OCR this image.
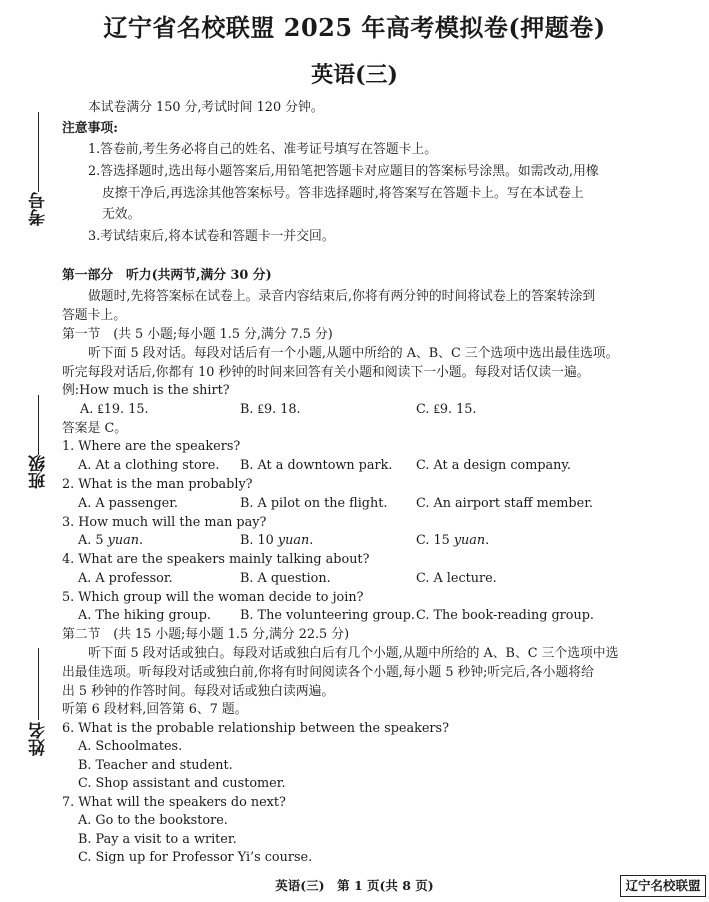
辽宁省名校联盟 2025 年高考模拟卷(押题卷)
英语(三)
考号
班级
姓名
本试卷满分 150 分,考试时间 120 分钟。
注意事项:
1.答卷前,考生务必将自己的姓名、准考证号填写在答题卡上。
2.答选择题时,选出每小题答案后,用铅笔把答题卡对应题目的答案标号涂黑。如需改动,用橡
皮擦干净后,再选涂其他答案标号。答非选择题时,将答案写在答题卡上。写在本试卷上
无效。
3.考试结束后,将本试卷和答题卡一并交回。
第一部分　听力(共两节,满分 30 分)
做题时,先将答案标在试卷上。录音内容结束后,你将有两分钟的时间将试卷上的答案转涂到
答题卡上。
第一节　(共 5 小题;每小题 1.5 分,满分 7.5 分)
听下面 5 段对话。每段对话后有一个小题,从题中所给的 A、B、C 三个选项中选出最佳选项。
听完每段对话后,你都有 10 秒钟的时间来回答有关小题和阅读下一小题。每段对话仅读一遍。
例:How much is the shirt?
A. ₤19. 15.	B. ₤9. 18.	C. ₤9. 15.
答案是 C。
1. Where are the speakers?
A. At a clothing store. B. At a downtown park. C. At a design company.
2. What is the man probably?
A. A passenger.	B. A pilot on the flight. C. An airport staff member.
3. How much will the man pay?
A. 5 yuan.	B. 10 yuan.	C. 15 yuan.
4. What are the speakers mainly talking about?
A. A professor.	B. A question.	C. A lecture.
5. Which group will the woman decide to join?
A. The hiking group. B. The volunteering group. C. The book-reading group.
第二节　(共 15 小题;每小题 1.5 分,满分 22.5 分)
听下面 5 段对话或独白。每段对话或独白后有几个小题,从题中所给的 A、B、C 三个选项中选
出最佳选项。听每段对话或独白前,你将有时间阅读各个小题,每小题 5 秒钟;听完后,各小题将给
出 5 秒钟的作答时间。每段对话或独白读两遍。
听第 6 段材料,回答第 6、7 题。
6. What is the probable relationship between the speakers?
A. Schoolmates.
B. Teacher and student.
C. Shop assistant and customer.
7. What will the speakers do next?
A. Go to the bookstore.
B. Pay a visit to a writer.
C. Sign up for Professor Yi’s course.
英语(三)　第 1 页(共 8 页)	辽宁名校联盟
